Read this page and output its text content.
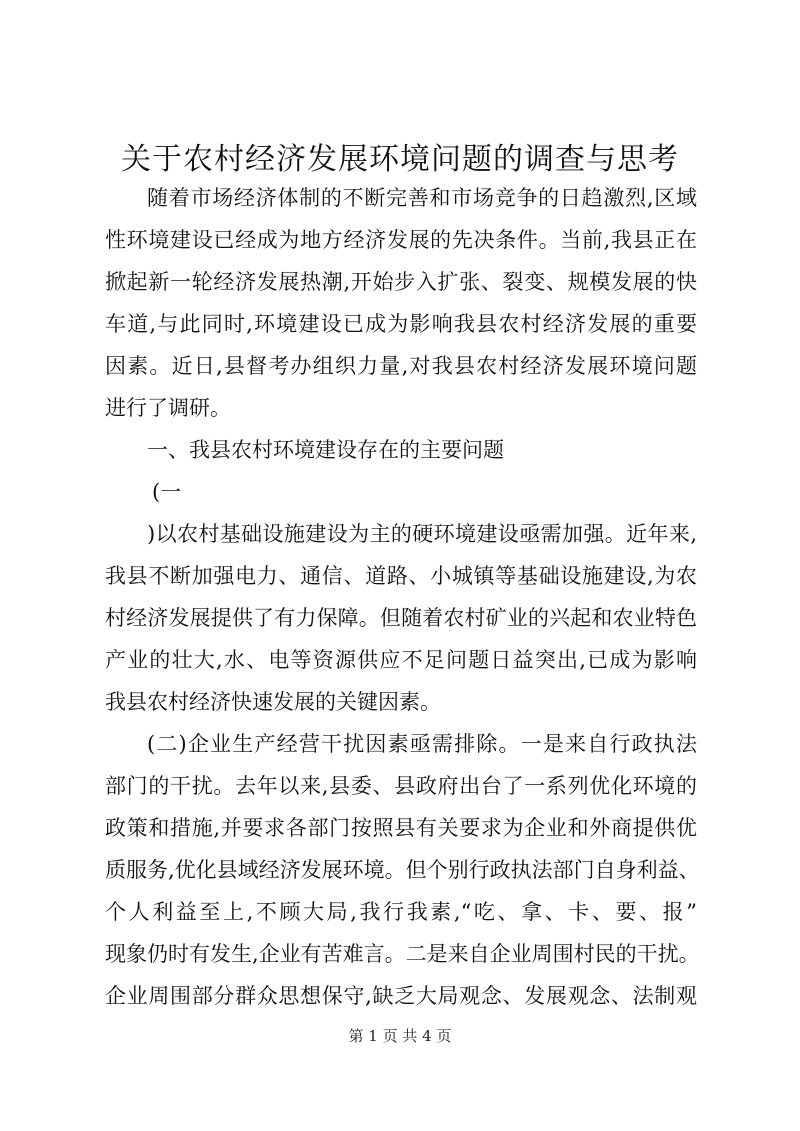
关于农村经济发展环境问题的调查与思考
随着市场经济体制的不断完善和市场竞争的日趋激烈,区域
性环境建设已经成为地方经济发展的先决条件。当前,我县正在
掀起新一轮经济发展热潮,开始步入扩张、裂变、规模发展的快
车道,与此同时,环境建设已成为影响我县农村经济发展的重要
因素。近日,县督考办组织力量,对我县农村经济发展环境问题
进行了调研。
一、我县农村环境建设存在的主要问题
(一
)以农村基础设施建设为主的硬环境建设亟需加强。近年来,
我县不断加强电力、通信、道路、小城镇等基础设施建设,为农
村经济发展提供了有力保障。但随着农村矿业的兴起和农业特色
产业的壮大,水、电等资源供应不足问题日益突出,已成为影响
我县农村经济快速发展的关键因素。
(二)企业生产经营干扰因素亟需排除。一是来自行政执法
部门的干扰。去年以来,县委、县政府出台了一系列优化环境的
政策和措施,并要求各部门按照县有关要求为企业和外商提供优
质服务,优化县域经济发展环境。但个别行政执法部门自身利益、
个人利益至上,不顾大局,我行我素,“吃、拿、卡、要、报”
现象仍时有发生,企业有苦难言。二是来自企业周围村民的干扰。
企业周围部分群众思想保守,缺乏大局观念、发展观念、法制观
第 1 页 共 4 页
